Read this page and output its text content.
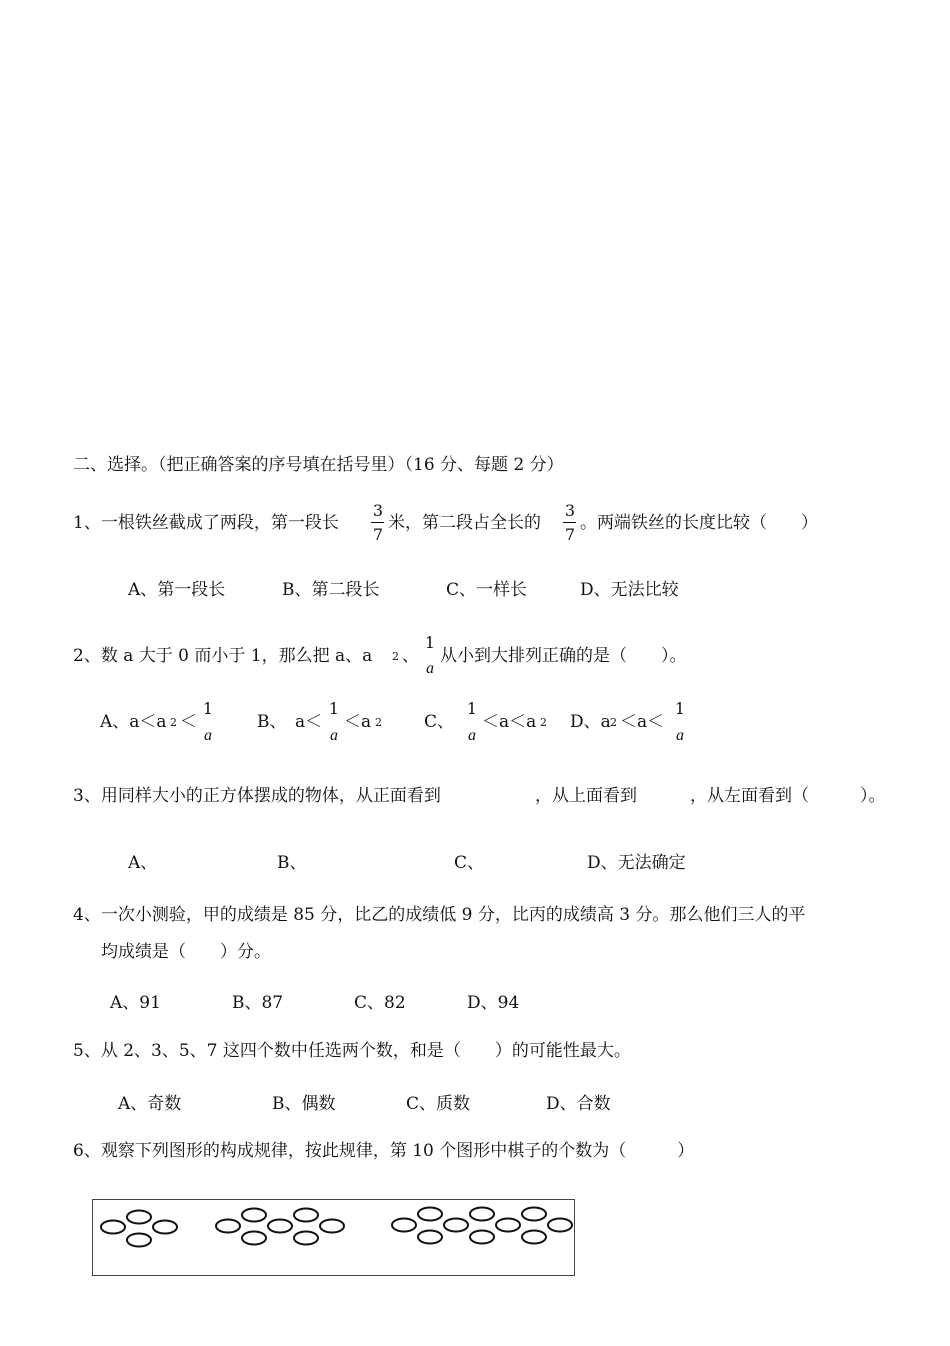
二、选择。（把正确答案的序号填在括号里）（16 分、每题 2 分）
1、一根铁丝截成了两段，第一段长
3
7
米，第二段占全长的
3
7
。两端铁丝的长度比较（　　）
A、第一段长	B、第二段长	C、一样长	D、无法比较
2、数 a 大于 0 而小于 1，那么把 a、a 2 、
1
a
从小到大排列正确的是（　　）。
A、a＜a 2 ＜
1
a
B、　a＜
1
a
＜a 2 C、
1
a
＜a＜a 2 D、a 2 ＜a＜
1
a
3、用同样大小的正方体摆成的物体，从正面看到	，从上面看到	，从左面看到（　　　）。
A、	B、	C、	D、无法确定
4、一次小测验，甲的成绩是 85 分，比乙的成绩低 9 分，比丙的成绩高 3 分。那么他们三人的平
均成绩是（　　）分。
A、91	B、87	C、82	D、94
5、从 2、3、5、7 这四个数中任选两个数，和是（　　）的可能性最大。
A、奇数	B、偶数	C、质数	D、合数
6、观察下列图形的构成规律，按此规律，第 10 个图形中棋子的个数为（　　　）
